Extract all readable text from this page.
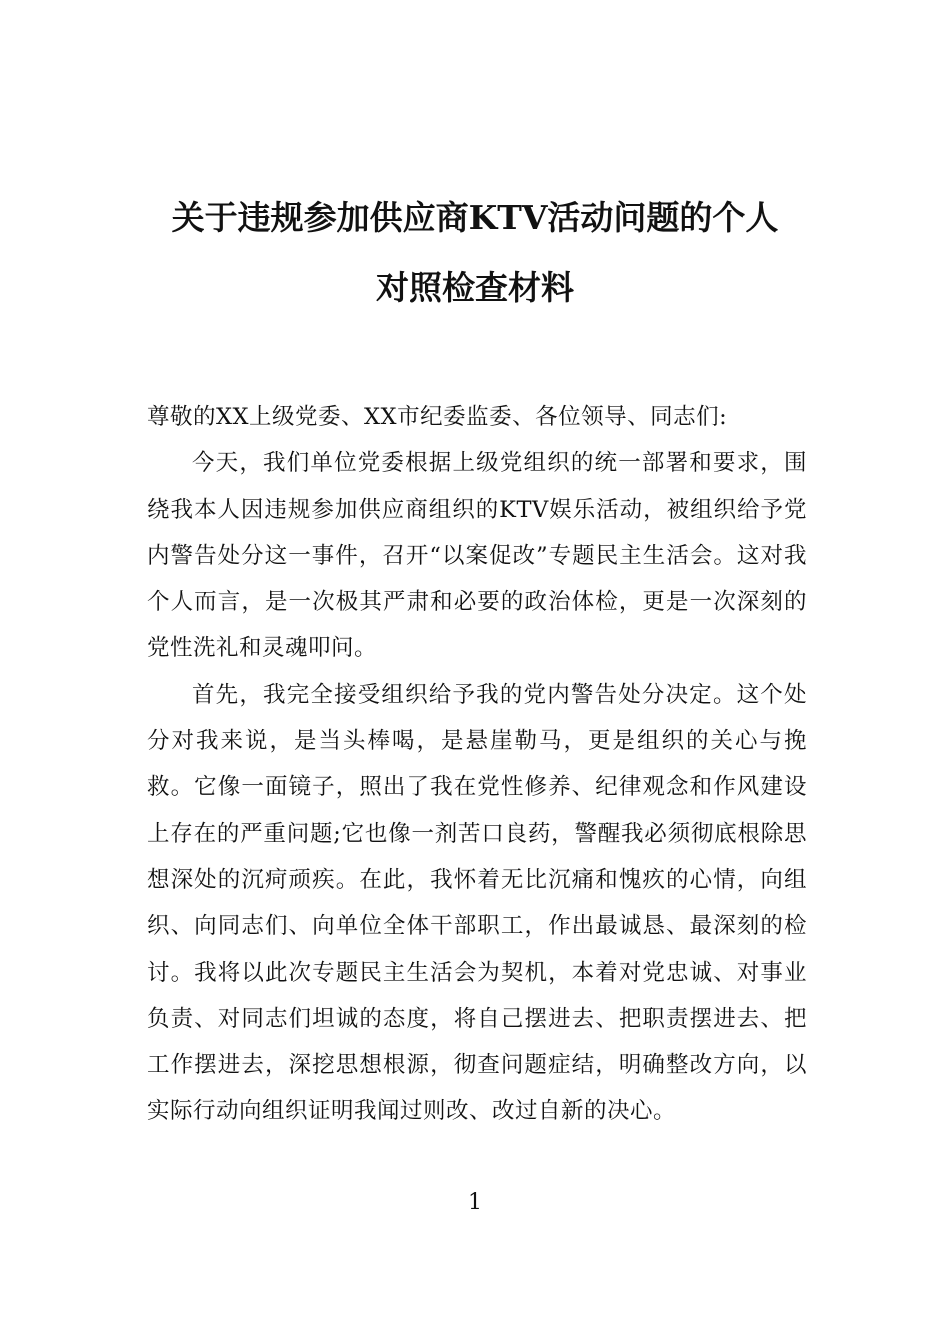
关于违规参加供应商KTV活动问题的个人
对照检查材料

尊敬的XX上级党委、XX市纪委监委、各位领导、同志们:

今天，我们单位党委根据上级党组织的统一部署和要求，围绕我本人因违规参加供应商组织的KTV娱乐活动，被组织给予党内警告处分这一事件，召开“以案促改”专题民主生活会。这对我个人而言，是一次极其严肃和必要的政治体检，更是一次深刻的党性洗礼和灵魂叩问。

首先，我完全接受组织给予我的党内警告处分决定。这个处分对我来说，是当头棒喝，是悬崖勒马，更是组织的关心与挽救。它像一面镜子，照出了我在党性修养、纪律观念和作风建设上存在的严重问题;它也像一剂苦口良药，警醒我必须彻底根除思想深处的沉疴顽疾。在此，我怀着无比沉痛和愧疚的心情，向组织、向同志们、向单位全体干部职工，作出最诚恳、最深刻的检讨。我将以此次专题民主生活会为契机，本着对党忠诚、对事业负责、对同志们坦诚的态度，将自己摆进去、把职责摆进去、把工作摆进去，深挖思想根源，彻查问题症结，明确整改方向，以实际行动向组织证明我闻过则改、改过自新的决心。

1
